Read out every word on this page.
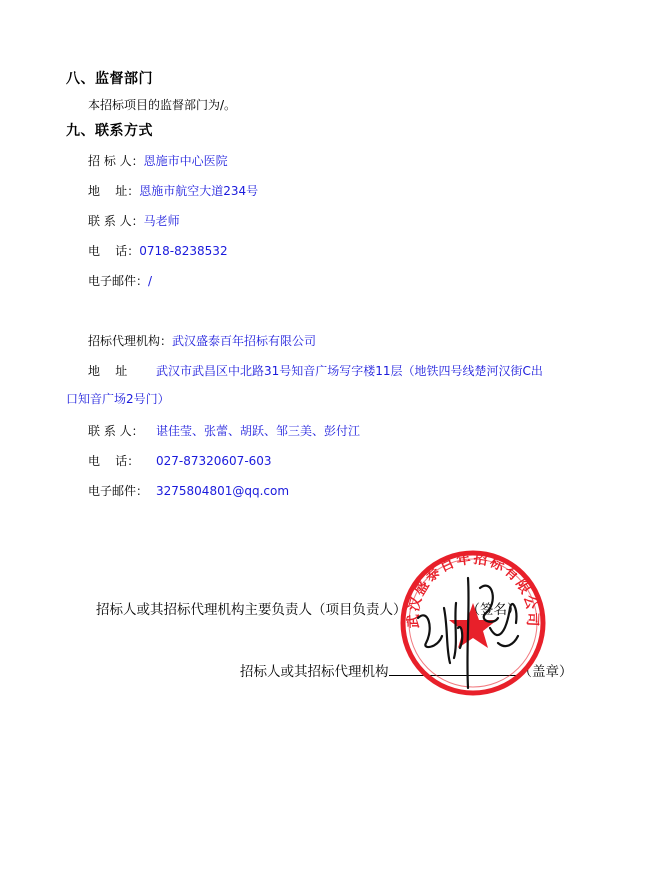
八、监督部门
本招标项目的监督部门为/。
九、联系方式
招 标 人：恩施市中心医院
地    址：恩施市航空大道234号
联 系 人：马老师
电    话：0718-8238532
电子邮件：/
招标代理机构：武汉盛泰百年招标有限公司
地    址 武汉市武昌区中北路31号知音广场写字楼11层（地铁四号线楚河汉街C出
口知音广场2号门）
联 系 人： 谌佳莹、张蕾、胡跃、邹三美、彭付江
电    话： 027-87320607-603
电子邮件： 3275804801@qq.com
招标人或其招标代理机构主要负责人（项目负责人）	（签名）
招标人或其招标代理机构	（盖章）
武汉盛泰百年招标有限公司
